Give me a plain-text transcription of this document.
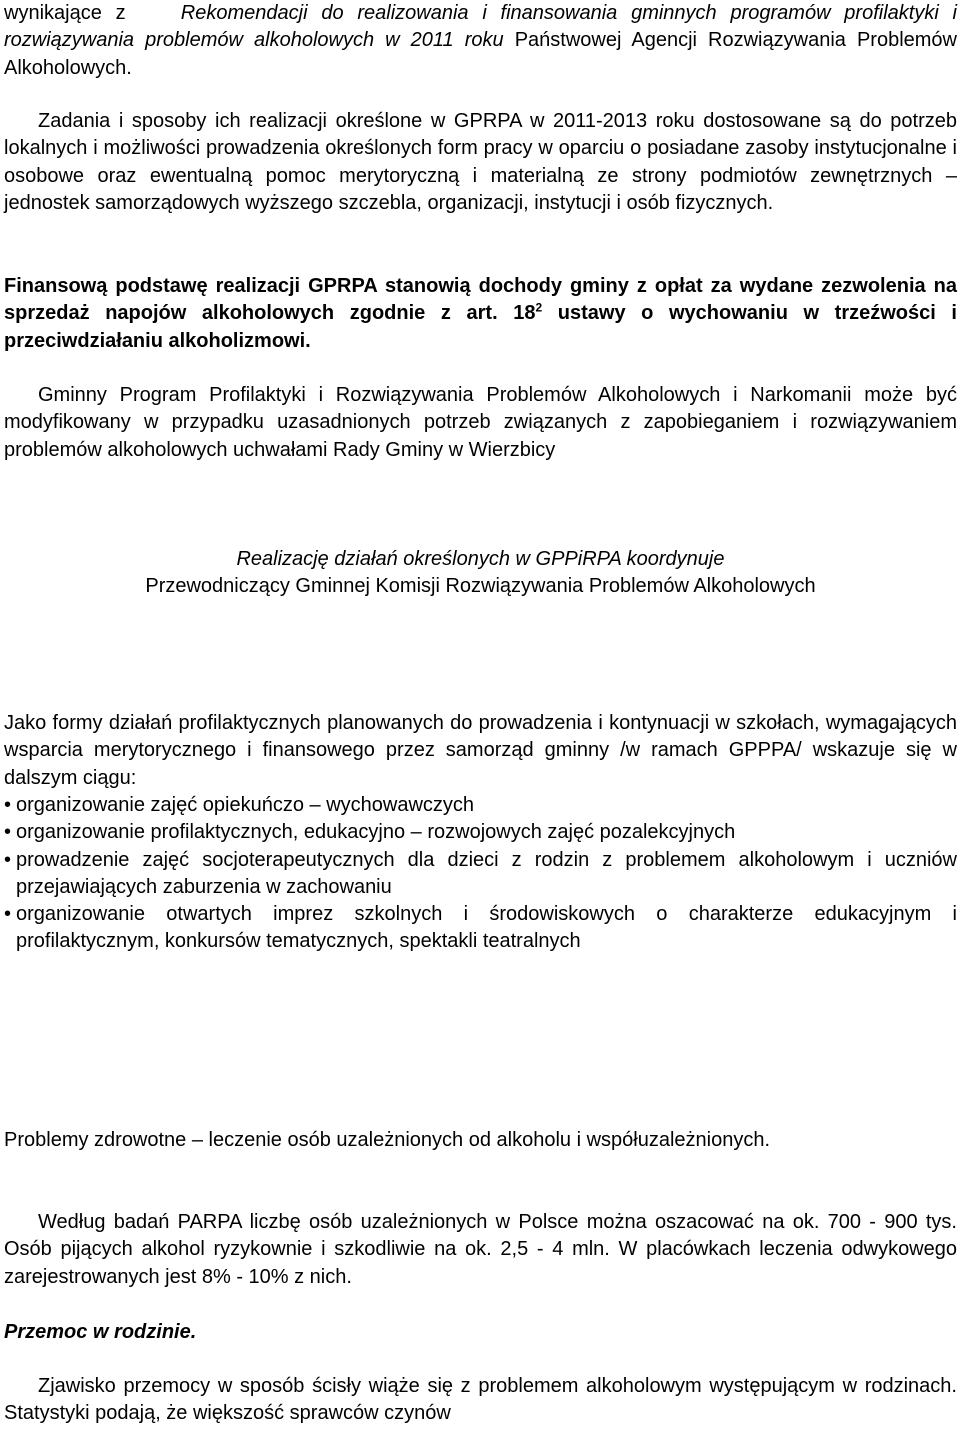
wynikające z	Rekomendacji do realizowania i finansowania gminnych programów profilaktyki i rozwiązywania problemów alkoholowych w 2011 roku Państwowej Agencji Rozwiązywania Problemów Alkoholowych.

Zadania i sposoby ich realizacji określone w GPRPA w 2011-2013 roku dostosowane są do potrzeb lokalnych i możliwości prowadzenia określonych form pracy w oparciu o posiadane zasoby instytucjonalne i osobowe oraz ewentualną pomoc merytoryczną i materialną ze strony podmiotów zewnętrznych – jednostek samorządowych wyższego szczebla, organizacji, instytucji i osób fizycznych.

Finansową podstawę realizacji GPRPA stanowią dochody gminy z opłat za wydane zezwolenia na sprzedaż napojów alkoholowych zgodnie z art. $18^2$ ustawy o wychowaniu w trzeźwości i przeciwdziałaniu alkoholizmowi.

Gminny Program Profilaktyki i Rozwiązywania Problemów Alkoholowych i Narkomanii może być modyfikowany w przypadku uzasadnionych potrzeb związanych z zapobieganiem i rozwiązywaniem problemów alkoholowych uchwałami Rady Gminy w Wierzbicy

Realizację działań określonych w GPPiRPA koordynuje
Przewodniczący Gminnej Komisji Rozwiązywania Problemów Alkoholowych

Jako formy działań profilaktycznych planowanych do prowadzenia i kontynuacji w szkołach, wymagających wsparcia merytorycznego i finansowego przez samorząd gminny /w ramach GPPPA/ wskazuje się w dalszym ciągu:

• organizowanie zajęć opiekuńczo – wychowawczych
• organizowanie profilaktycznych, edukacyjno – rozwojowych zajęć pozalekcyjnych
• prowadzenie zajęć socjoterapeutycznych dla dzieci z rodzin z problemem alkoholowym i uczniów przejawiających zaburzenia w zachowaniu
• organizowanie otwartych imprez szkolnych i środowiskowych o charakterze edukacyjnym i profilaktycznym, konkursów tematycznych, spektakli teatralnych

Problemy zdrowotne – leczenie osób uzależnionych od alkoholu i współuzależnionych.

Według badań PARPA liczbę osób uzależnionych w Polsce można oszacować na ok. 700 - 900 tys. Osób pijących alkohol ryzykownie i szkodliwie na ok. 2,5 - 4 mln. W placówkach leczenia odwykowego zarejestrowanych jest 8% - 10% z nich.

Przemoc w rodzinie.

Zjawisko przemocy w sposób ścisły wiąże się z problemem alkoholowym występującym w rodzinach. Statystyki podają, że większość sprawców czynów
